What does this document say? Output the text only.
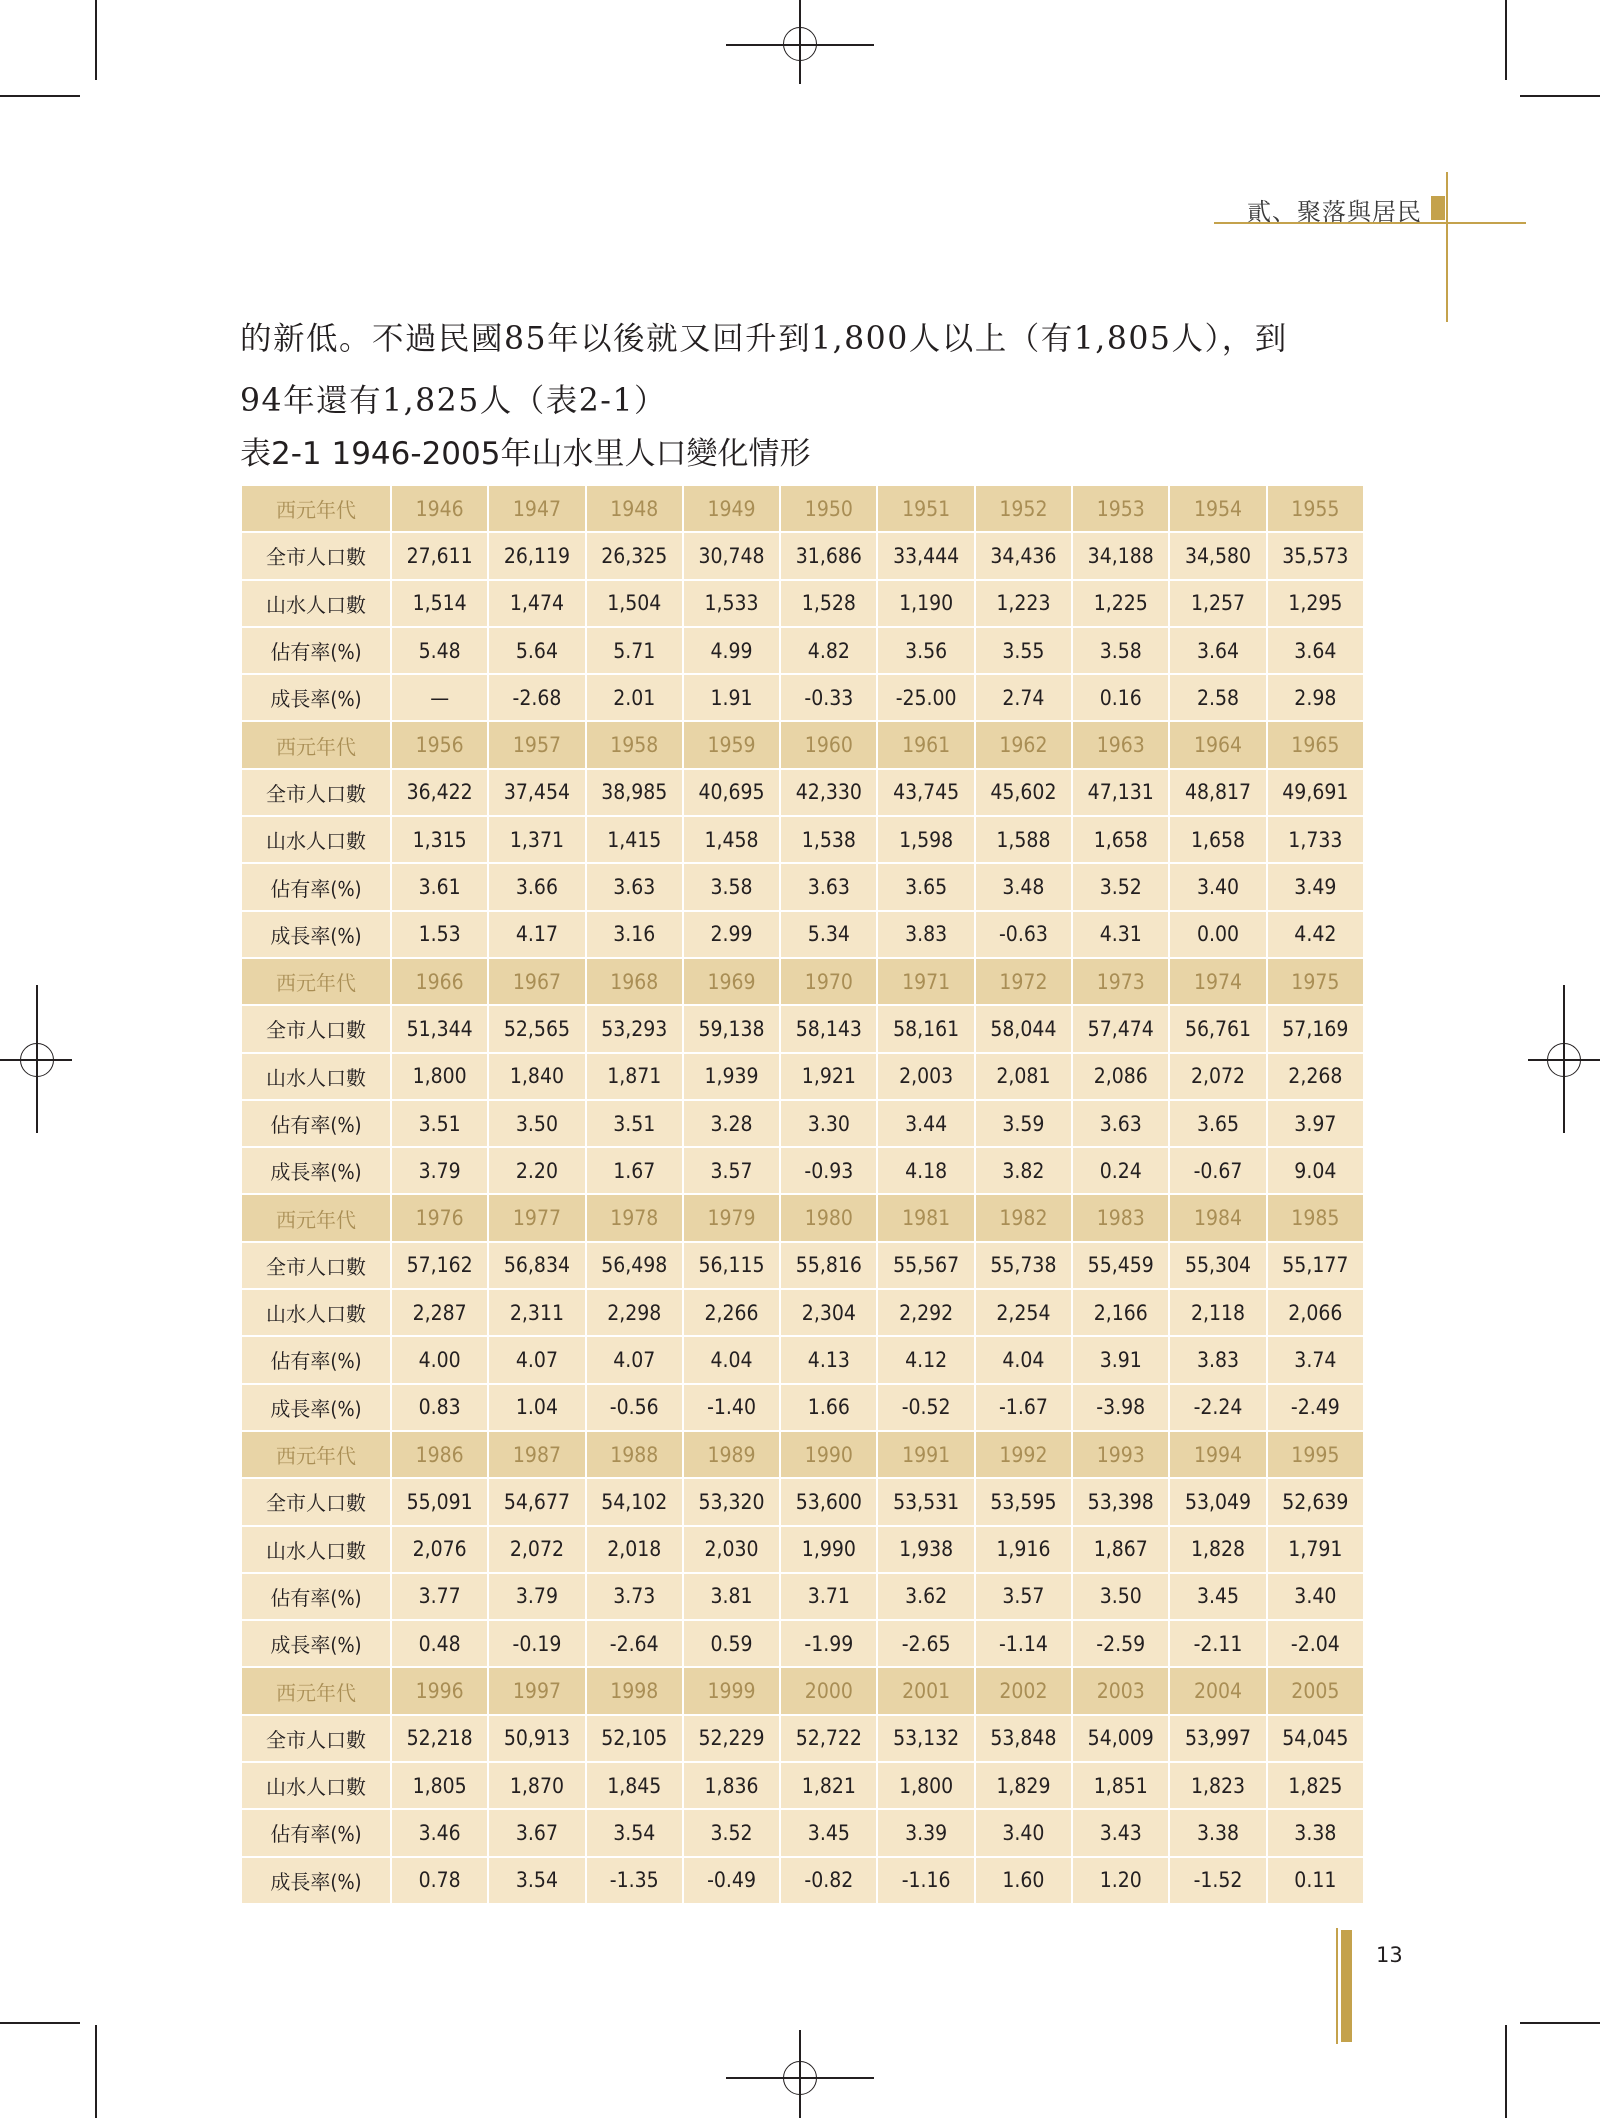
貳、聚落與居民

的新低。不過民國85年以後就又回升到1,800人以上（有1,805人），到

94年還有1,825人（表2-1）

表2-1 1946-2005年山水里人口變化情形
西元年代	1946	1947	1948	1949	1950	1951	1952	1953	1954	1955
全市人口數	27,611	26,119	26,325	30,748	31,686	33,444	34,436	34,188	34,580	35,573
山水人口數	1,514	1,474	1,504	1,533	1,528	1,190	1,223	1,225	1,257	1,295
佔有率(%)	5.48	5.64	5.71	4.99	4.82	3.56	3.55	3.58	3.64	3.64
成長率(%)	—	-2.68	2.01	1.91	-0.33	-25.00	2.74	0.16	2.58	2.98
西元年代	1956	1957	1958	1959	1960	1961	1962	1963	1964	1965
全市人口數	36,422	37,454	38,985	40,695	42,330	43,745	45,602	47,131	48,817	49,691
山水人口數	1,315	1,371	1,415	1,458	1,538	1,598	1,588	1,658	1,658	1,733
佔有率(%)	3.61	3.66	3.63	3.58	3.63	3.65	3.48	3.52	3.40	3.49
成長率(%)	1.53	4.17	3.16	2.99	5.34	3.83	-0.63	4.31	0.00	4.42
西元年代	1966	1967	1968	1969	1970	1971	1972	1973	1974	1975
全市人口數	51,344	52,565	53,293	59,138	58,143	58,161	58,044	57,474	56,761	57,169
山水人口數	1,800	1,840	1,871	1,939	1,921	2,003	2,081	2,086	2,072	2,268
佔有率(%)	3.51	3.50	3.51	3.28	3.30	3.44	3.59	3.63	3.65	3.97
成長率(%)	3.79	2.20	1.67	3.57	-0.93	4.18	3.82	0.24	-0.67	9.04
西元年代	1976	1977	1978	1979	1980	1981	1982	1983	1984	1985
全市人口數	57,162	56,834	56,498	56,115	55,816	55,567	55,738	55,459	55,304	55,177
山水人口數	2,287	2,311	2,298	2,266	2,304	2,292	2,254	2,166	2,118	2,066
佔有率(%)	4.00	4.07	4.07	4.04	4.13	4.12	4.04	3.91	3.83	3.74
成長率(%)	0.83	1.04	-0.56	-1.40	1.66	-0.52	-1.67	-3.98	-2.24	-2.49
西元年代	1986	1987	1988	1989	1990	1991	1992	1993	1994	1995
全市人口數	55,091	54,677	54,102	53,320	53,600	53,531	53,595	53,398	53,049	52,639
山水人口數	2,076	2,072	2,018	2,030	1,990	1,938	1,916	1,867	1,828	1,791
佔有率(%)	3.77	3.79	3.73	3.81	3.71	3.62	3.57	3.50	3.45	3.40
成長率(%)	0.48	-0.19	-2.64	0.59	-1.99	-2.65	-1.14	-2.59	-2.11	-2.04
西元年代	1996	1997	1998	1999	2000	2001	2002	2003	2004	2005
全市人口數	52,218	50,913	52,105	52,229	52,722	53,132	53,848	54,009	53,997	54,045
山水人口數	1,805	1,870	1,845	1,836	1,821	1,800	1,829	1,851	1,823	1,825
佔有率(%)	3.46	3.67	3.54	3.52	3.45	3.39	3.40	3.43	3.38	3.38
成長率(%)	0.78	3.54	-1.35	-0.49	-0.82	-1.16	1.60	1.20	-1.52	0.11
13
